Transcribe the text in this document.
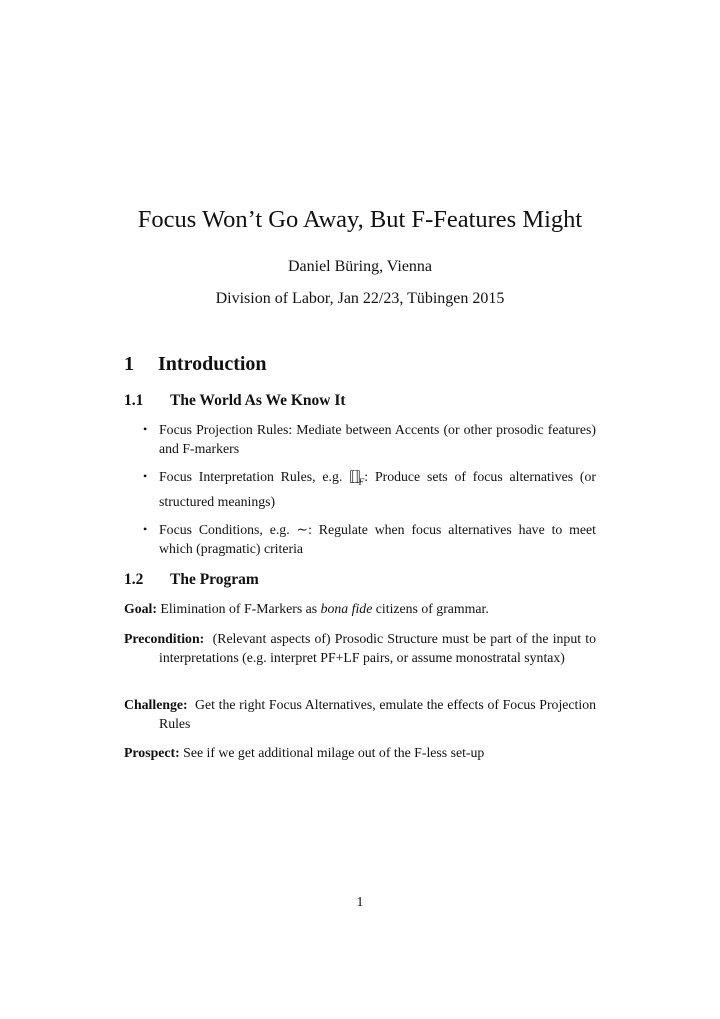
Focus Won’t Go Away, But F-Features Might
Daniel Büring, Vienna
Division of Labor, Jan 22/23, Tübingen 2015
1 Introduction
1.1 The World As We Know It
• Focus Projection Rules: Mediate between Accents (or other prosodic features) and F-markers
• Focus Interpretation Rules, e.g. $⟦⟧_F$: Produce sets of focus alternatives (or structured meanings)
• Focus Conditions, e.g. ∼: Regulate when focus alternatives have to meet which (pragmatic) criteria
1.2 The Program
Goal: Elimination of F-Markers as bona fide citizens of grammar.
Precondition: (Relevant aspects of) Prosodic Structure must be part of the input to interpretations (e.g. interpret PF+LF pairs, or assume monostratal syntax)
Challenge: Get the right Focus Alternatives, emulate the effects of Focus Projection Rules
Prospect: See if we get additional milage out of the F-less set-up
1
